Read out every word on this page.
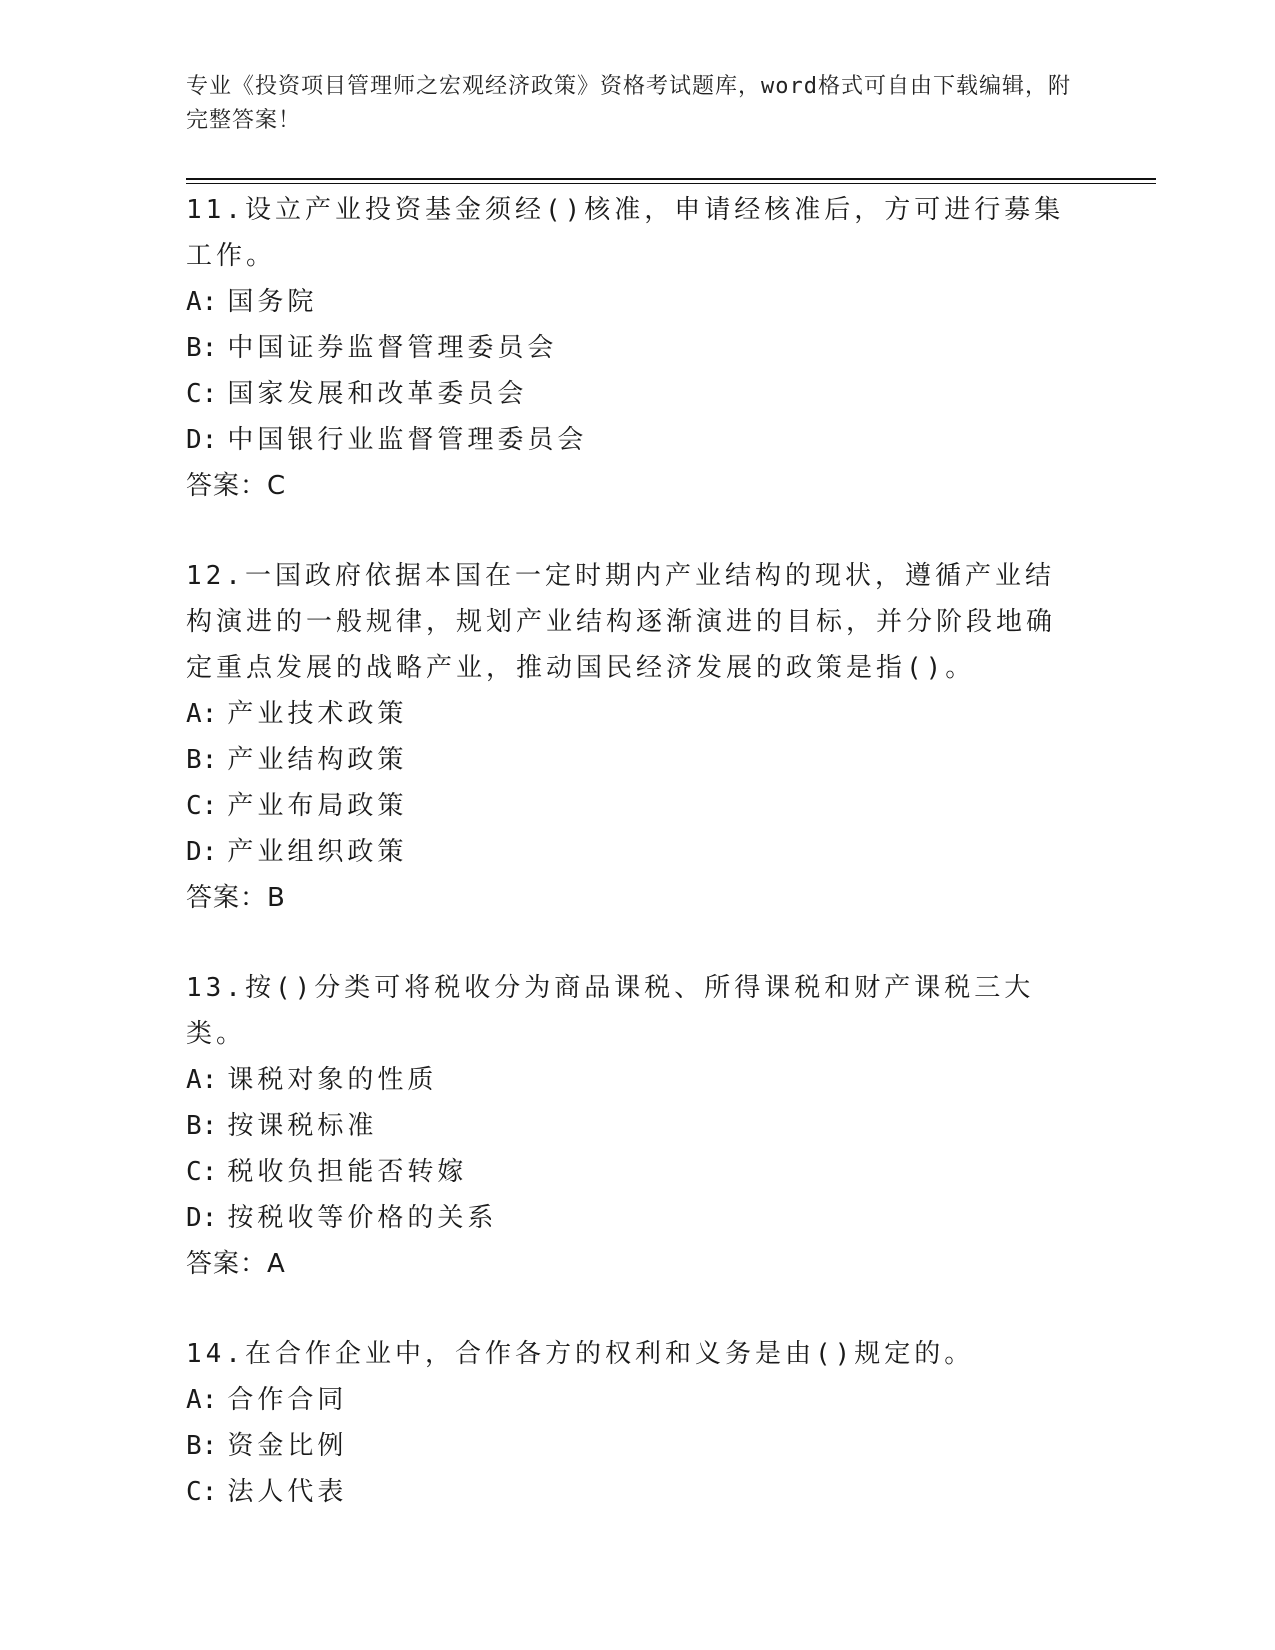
专业《投资项目管理师之宏观经济政策》资格考试题库，word格式可自由下载编辑，附完整答案！

11.设立产业投资基金须经()核准，申请经核准后，方可进行募集工作。

A: 国务院
B: 中国证券监督管理委员会
C: 国家发展和改革委员会
D: 中国银行业监督管理委员会
答案：C

12.一国政府依据本国在一定时期内产业结构的现状，遵循产业结构演进的一般规律，规划产业结构逐渐演进的目标，并分阶段地确定重点发展的战略产业，推动国民经济发展的政策是指()。

A: 产业技术政策
B: 产业结构政策
C: 产业布局政策
D: 产业组织政策
答案：B

13.按()分类可将税收分为商品课税、所得课税和财产课税三大类。

A: 课税对象的性质
B: 按课税标准
C: 税收负担能否转嫁
D: 按税收等价格的关系
答案：A

14.在合作企业中，合作各方的权利和义务是由()规定的。

A: 合作合同
B: 资金比例
C: 法人代表
